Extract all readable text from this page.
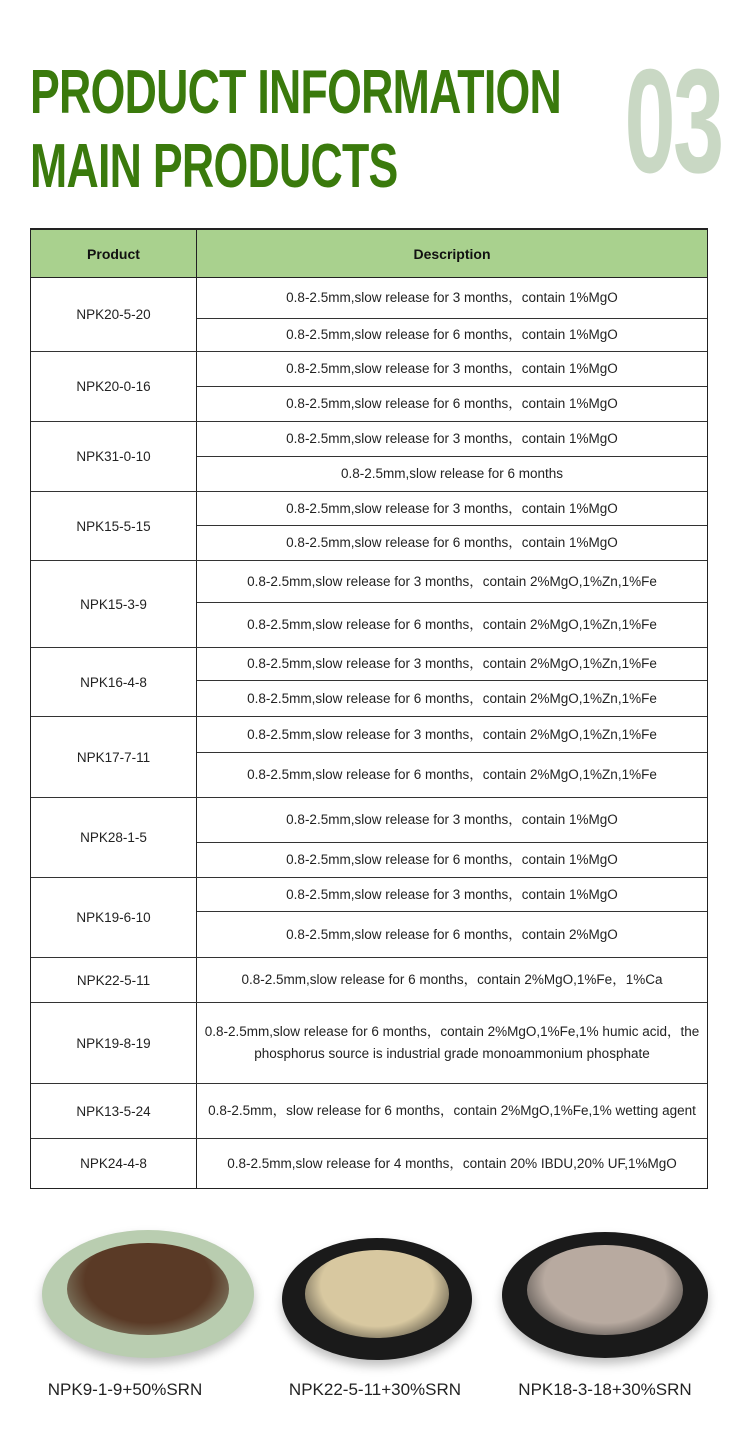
PRODUCT INFORMATION
MAIN PRODUCTS 03
Product	Description
NPK20-5-20
0.8-2.5mm,slow release for 3 months，contain 1%MgO
0.8-2.5mm,slow release for 6 months，contain 1%MgO
NPK20-0-16
0.8-2.5mm,slow release for 3 months，contain 1%MgO
0.8-2.5mm,slow release for 6 months，contain 1%MgO
NPK31-0-10
0.8-2.5mm,slow release for 3 months，contain 1%MgO
0.8-2.5mm,slow release for 6 months
NPK15-5-15
0.8-2.5mm,slow release for 3 months，contain 1%MgO
0.8-2.5mm,slow release for 6 months，contain 1%MgO
NPK15-3-9
0.8-2.5mm,slow release for 3 months，contain 2%MgO,1%Zn,1%Fe
0.8-2.5mm,slow release for 6 months，contain 2%MgO,1%Zn,1%Fe
NPK16-4-8
0.8-2.5mm,slow release for 3 months，contain 2%MgO,1%Zn,1%Fe
0.8-2.5mm,slow release for 6 months，contain 2%MgO,1%Zn,1%Fe
NPK17-7-11
0.8-2.5mm,slow release for 3 months，contain 2%MgO,1%Zn,1%Fe
0.8-2.5mm,slow release for 6 months，contain 2%MgO,1%Zn,1%Fe
NPK28-1-5
0.8-2.5mm,slow release for 3 months，contain 1%MgO
0.8-2.5mm,slow release for 6 months，contain 1%MgO
NPK19-6-10
0.8-2.5mm,slow release for 3 months，contain 1%MgO
0.8-2.5mm,slow release for 6 months，contain 2%MgO
NPK22-5-11	0.8-2.5mm,slow release for 6 months，contain 2%MgO,1%Fe，1%Ca
NPK19-8-19
0.8-2.5mm,slow release for 6 months，contain 2%MgO,1%Fe,1% humic acid，the phosphorus source is industrial grade monoammonium phosphate
NPK13-5-24	0.8-2.5mm，slow release for 6 months，contain 2%MgO,1%Fe,1% wetting agent
NPK24-4-8	0.8-2.5mm,slow release for 4 months，contain 20% IBDU,20% UF,1%MgO
NPK9-1-9+50%SRN	NPK22-5-11+30%SRN	NPK18-3-18+30%SRN
